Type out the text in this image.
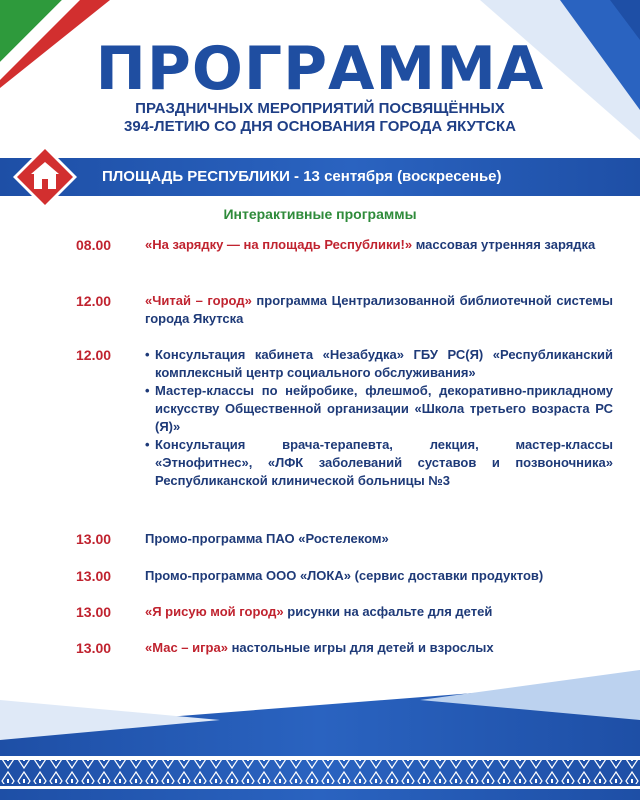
ПРОГРАММА
ПРАЗДНИЧНЫХ МЕРОПРИЯТИЙ ПОСВЯЩЁННЫХ
394-ЛЕТИЮ СО ДНЯ ОСНОВАНИЯ ГОРОДА ЯКУТСКА
ПЛОЩАДЬ РЕСПУБЛИКИ - 13 сентября (воскресенье)
Интерактивные программы
08.00	«На зарядку — на площадь Республики!» массовая утренняя зарядка
12.00	«Читай – город» программа Централизованной библиотечной системы города Якутска
12.00	• Консультация кабинета «Незабудка» ГБУ РС(Я) «Республиканский комплексный центр социального обслуживания»
• Мастер-классы по нейробике, флешмоб, декоративно-прикладному искусству Общественной организации «Школа третьего возраста РС (Я)»
• Консультация врача-терапевта, лекция, мастер-классы «Этнофитнес», «ЛФК заболеваний суставов и позвоночника» Республиканской клинической больницы №3
13.00	Промо-программа ПАО «Ростелеком»
13.00	Промо-программа ООО «ЛОКА» (сервис доставки продуктов)
13.00	«Я рисую мой город» рисунки на асфальте для детей
13.00	«Мас – игра» настольные игры для детей и взрослых
